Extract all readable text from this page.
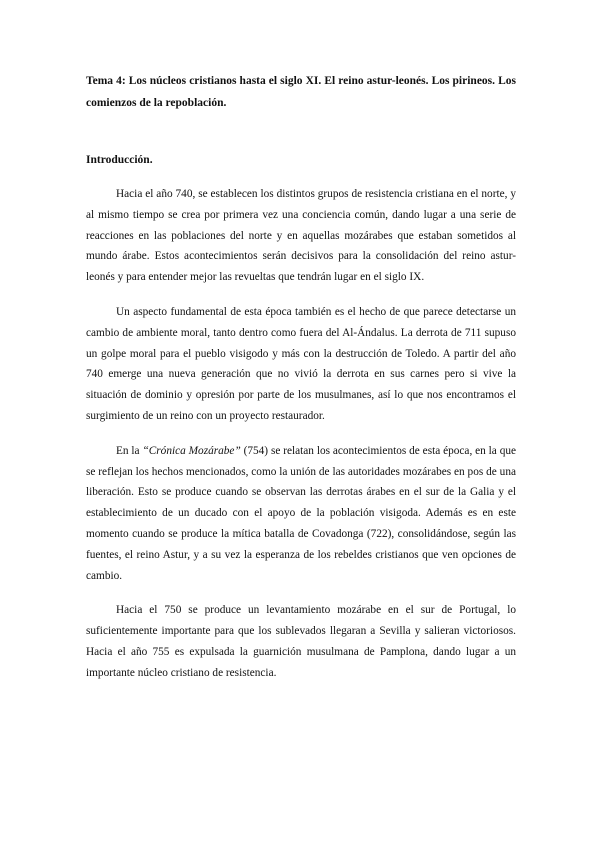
Tema 4: Los núcleos cristianos hasta el siglo XI. El reino astur-leonés. Los pirineos. Los comienzos de la repoblación.
Introducción.

Hacia el año 740, se establecen los distintos grupos de resistencia cristiana en el norte, y al mismo tiempo se crea por primera vez una conciencia común, dando lugar a una serie de reacciones en las poblaciones del norte y en aquellas mozárabes que estaban sometidos al mundo árabe. Estos acontecimientos serán decisivos para la consolidación del reino astur-leonés y para entender mejor las revueltas que tendrán lugar en el siglo IX.

Un aspecto fundamental de esta época también es el hecho de que parece detectarse un cambio de ambiente moral, tanto dentro como fuera del Al-Ándalus. La derrota de 711 supuso un golpe moral para el pueblo visigodo y más con la destrucción de Toledo. A partir del año 740 emerge una nueva generación que no vivió la derrota en sus carnes pero si vive la situación de dominio y opresión por parte de los musulmanes, así lo que nos encontramos el surgimiento de un reino con un proyecto restaurador.

En la “Crónica Mozárabe” (754) se relatan los acontecimientos de esta época, en la que se reflejan los hechos mencionados, como la unión de las autoridades mozárabes en pos de una liberación. Esto se produce cuando se observan las derrotas árabes en el sur de la Galia y el establecimiento de un ducado con el apoyo de la población visigoda. Además es en este momento cuando se produce la mítica batalla de Covadonga (722), consolidándose, según las fuentes, el reino Astur, y a su vez la esperanza de los rebeldes cristianos que ven opciones de cambio.

Hacia el 750 se produce un levantamiento mozárabe en el sur de Portugal, lo suficientemente importante para que los sublevados llegaran a Sevilla y salieran victoriosos. Hacia el año 755 es expulsada la guarnición musulmana de Pamplona, dando lugar a un importante núcleo cristiano de resistencia.
